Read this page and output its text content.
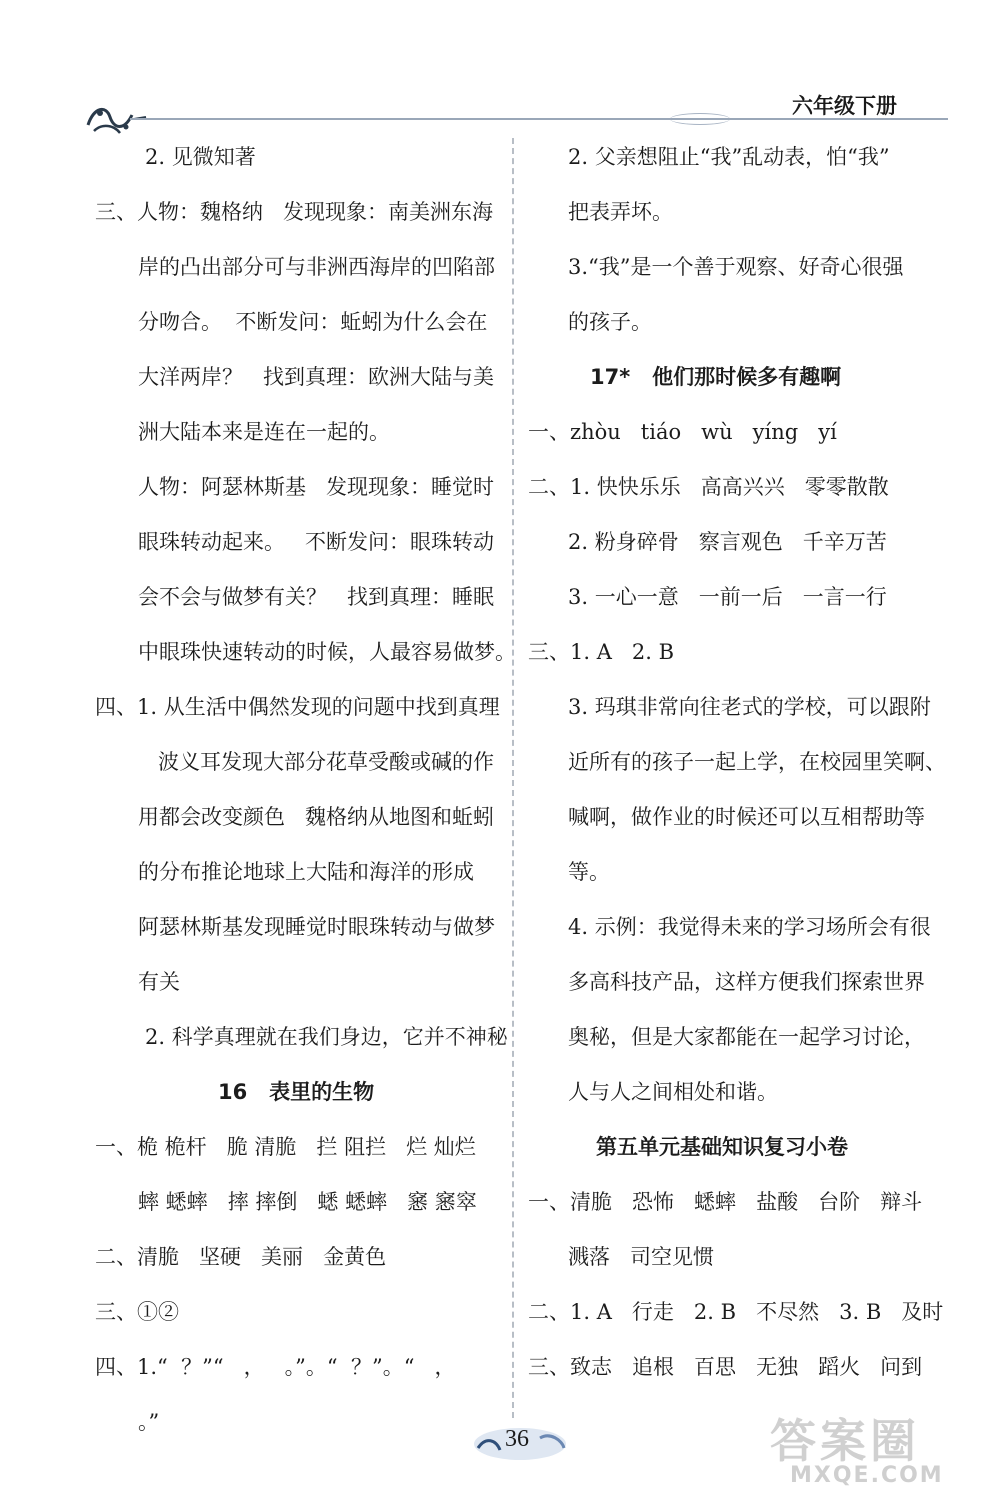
六年级下册
2. 见微知著
三、人物：魏格纳   发现现象：南美洲东海
岸的凸出部分可与非洲西海岸的凹陷部
分吻合。  不断发问：蚯蚓为什么会在
大洋两岸？   找到真理：欧洲大陆与美
洲大陆本来是连在一起的。
人物：阿瑟林斯基   发现现象：睡觉时
眼珠转动起来。   不断发问：眼珠转动
会不会与做梦有关？   找到真理：睡眠
中眼珠快速转动的时候，人最容易做梦。
四、1. 从生活中偶然发现的问题中找到真理
波义耳发现大部分花草受酸或碱的作
用都会改变颜色   魏格纳从地图和蚯蚓
的分布推论地球上大陆和海洋的形成
阿瑟林斯基发现睡觉时眼珠转动与做梦
有关
2. 科学真理就在我们身边，它并不神秘
一、桅 桅杆   脆 清脆   拦 阻拦   烂 灿烂
蟀 蟋蟀   摔 摔倒   蟋 蟋蟀   窸 窸窣
二、清脆   坚硬   美丽   金黄色
三、①②
四、1.“  ？”“   ，   。”。“  ？”。“   ，
。”
16   表里的生物
2. 父亲想阻止“我”乱动表，怕“我”
把表弄坏。
3.“我”是一个善于观察、好奇心很强
的孩子。
一、zhòu   tiáo   wù   yíng   yí
二、1. 快快乐乐   高高兴兴   零零散散
2. 粉身碎骨   察言观色   千辛万苦
3. 一心一意   一前一后   一言一行
三、1. A   2. B
3. 玛琪非常向往老式的学校，可以跟附
近所有的孩子一起上学，在校园里笑啊、
喊啊，做作业的时候还可以互相帮助等
等。
4. 示例：我觉得未来的学习场所会有很
多高科技产品，这样方便我们探索世界
奥秘，但是大家都能在一起学习讨论，
人与人之间相处和谐。
一、清脆   恐怖   蟋蟀   盐酸   台阶   辩斗
溅落   司空见惯
二、1. A   行走   2. B   不尽然   3. B   及时
三、致志   追根   百思   无独   蹈火   问到
17*   他们那时候多有趣啊
第五单元基础知识复习小卷
36	答案圈
MXQE.COM
